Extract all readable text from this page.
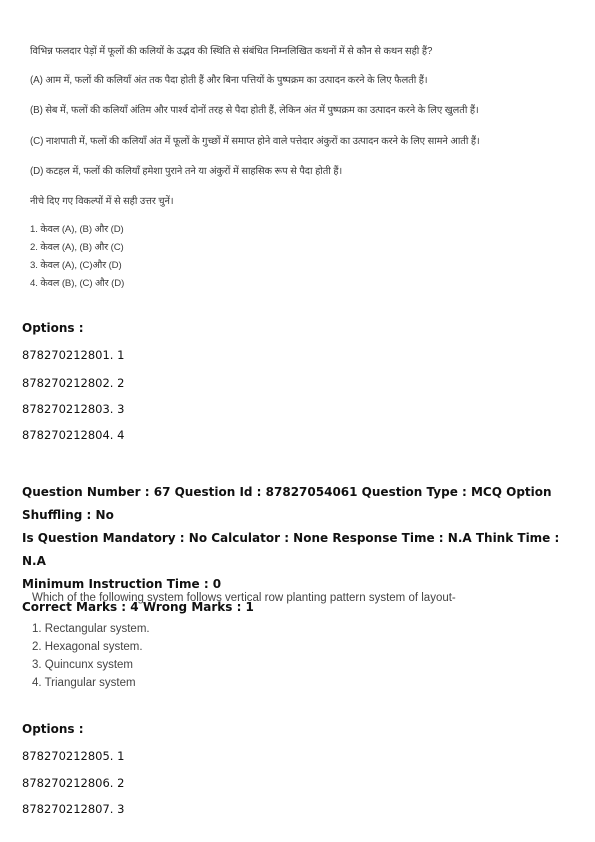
विभिन्न फलदार पेड़ों में फूलों की कलियों के उद्भव की स्थिति से संबंधित निम्नलिखित कथनों में से कौन से कथन सही हैं?

(A) आम में, फलों की कलियाँ अंत तक पैदा होती हैं और बिना पत्तियों के पुष्पक्रम का उत्पादन करने के लिए फैलती हैं।

(B) सेब में, फलों की कलियाँ अंतिम और पार्श्व दोनों तरह से पैदा होती हैं, लेकिन अंत में पुष्पक्रम का उत्पादन करने के लिए खुलती हैं।

(C) नाशपाती में, फलों की कलियाँ अंत में फूलों के गुच्छों में समाप्त होने वाले पत्तेदार अंकुरों का उत्पादन करने के लिए सामने आती हैं।

(D) कटहल में, फलों की कलियाँ हमेशा पुराने तने या अंकुरों में साहसिक रूप से पैदा होती हैं।

नीचे दिए गए विकल्पों में से सही उत्तर चुनें।

1. केवल (A), (B) और (D)
2. केवल (A), (B) और (C)
3. केवल (A), (C)और (D)
4. केवल (B), (C) और (D)
Options :
878270212801. 1
878270212802. 2
878270212803. 3
878270212804. 4
Question Number : 67 Question Id : 87827054061 Question Type : MCQ Option Shuffling : No
Is Question Mandatory : No Calculator : None Response Time : N.A Think Time : N.A
Minimum Instruction Time : 0
Correct Marks : 4 Wrong Marks : 1
Which of the following system follows vertical row planting pattern system of layout-
1. Rectangular system.
2. Hexagonal system.
3. Quincunx system
4. Triangular system
Options :
878270212805. 1
878270212806. 2
878270212807. 3
